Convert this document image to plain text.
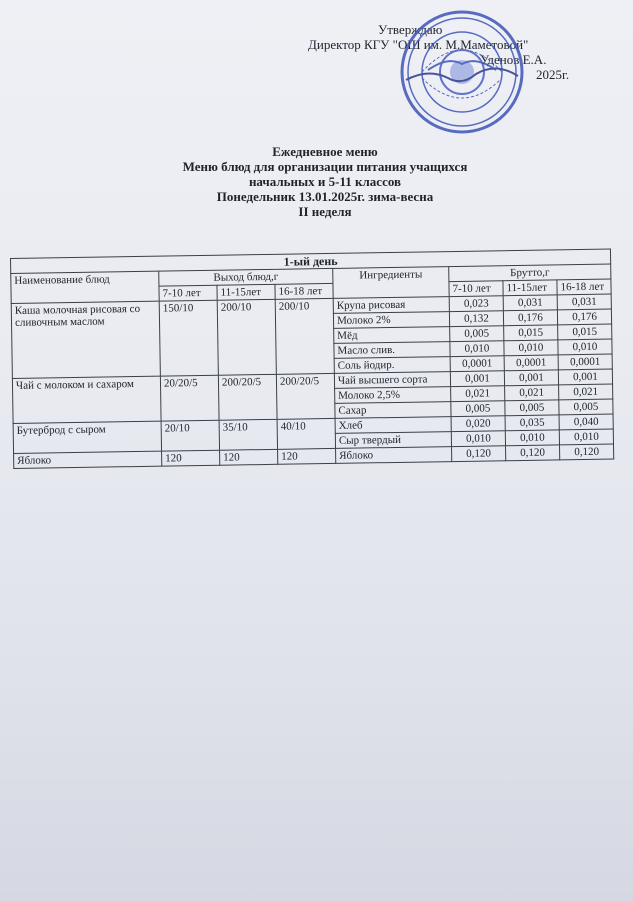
Утверждаю
Директор КГУ "ОШ им. М.Маметовой"
Уденов Е.А.
2025г.
Ежедневное меню
Меню блюд для организации питания учащихся
начальных и 5-11 классов
Понедельник 13.01.2025г. зима-весна
II неделя
1-ый день							
Наименование блюд	Выход блюд,г			Ингредиенты	Брутто,г		
	7-10 лет	11-15лет	16-18 лет		7-10 лет	11-15лет	16-18 лет
Каша молочная рисовая со сливочным маслом	150/10	200/10	200/10	Крупа рисовая	0,023	0,031	0,031
				Молоко 2%	0,132	0,176	0,176
				Мёд	0,005	0,015	0,015
				Масло слив.	0,010	0,010	0,010
				Соль йодир.	0,0001	0,0001	0,0001
Чай с молоком и сахаром	20/20/5	200/20/5	200/20/5	Чай высшего сорта	0,001	0,001	0,001
				Молоко 2,5%	0,021	0,021	0,021
				Сахар	0,005	0,005	0,005
Бутерброд с сыром	20/10	35/10	40/10	Хлеб	0,020	0,035	0,040
				Сыр твердый	0,010	0,010	0,010
Яблоко	120	120	120	Яблоко	0,120	0,120	0,120
